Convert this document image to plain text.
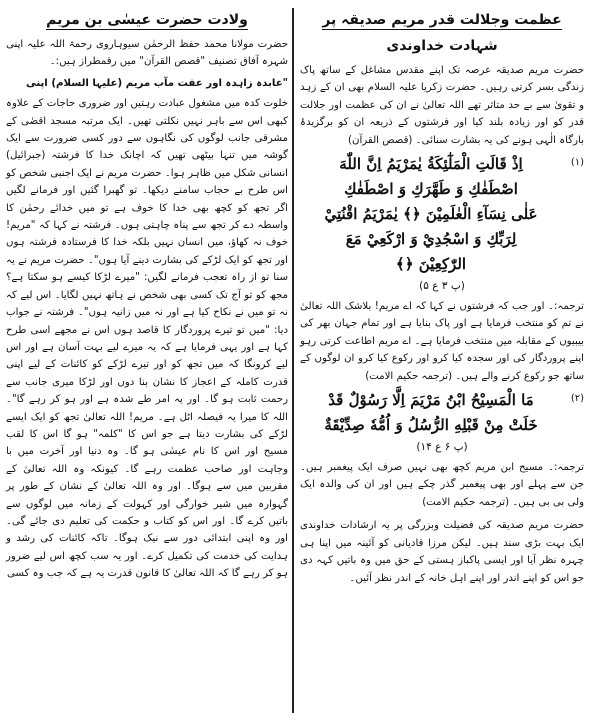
عظمت وجلالت قدر مریم صدیقہ پر
شہادت خداوندی

حضرت مریم صدیقہ عرصہ تک اپنے مقدس مشاغل کے ساتھ پاک زندگی بسر کرتی رہیں۔ حضرت زکریا علیہ السلام بھی ان کے زہد و تقویٰ سے بے حد متاثر تھے اللہ تعالیٰ نے ان کی عظمت اور جلالت قدر کو اور زیادہ بلند کیا اور فرشتوں کے ذریعہ ان کو برگزیدۂ بارگاہ الٰہی ہونے کی یہ بشارت سنائی۔ (قصص القرآن)

(۱)
اِذْ قَالَتِ الْمَلٰٓئِكَةُ يٰمَرْيَمُ اِنَّ اللّٰهَ
اصْطَفٰكِ وَ طَهَّرَكِ وَ اصْطَفٰكِ
عَلٰى نِسَآءِ الْعٰلَمِيْنَ ﴿﴾ يٰمَرْيَمُ اقْنُتِيْ
لِرَبِّكِ وَ اسْجُدِيْ وَ ارْكَعِيْ مَعَ
الرّٰكِعِيْنَ ﴿﴾
(پ ۳ ع ۵)

ترجمہ:۔ اور جب کہ فرشتوں نے کہا کہ اے مریم! بلاشک اللہ تعالیٰ نے تم کو منتخب فرمایا ہے اور پاک بنایا ہے اور تمام جہان بھر کی بیبیوں کے مقابلہ میں منتخب فرمایا ہے۔ اے مریم اطاعت کرتی رہو اپنے پروردگار کی اور سجدہ کیا کرو اور رکوع کیا کرو ان لوگوں کے ساتھ جو رکوع کرنے والے ہیں۔ (ترجمہ حکیم الامت)

(۲)
مَا الْمَسِيْحُ ابْنُ مَرْيَمَ اِلَّا رَسُوْلٌ قَدْ
خَلَتْ مِنْ قَبْلِهِ الرُّسُلُ وَ اُمُّهٗ صِدِّيْقَةٌ
(پ ۶ ع ۱۴)

ترجمہ:۔ مسیح ابن مریم کچھ بھی نہیں صرف ایک پیغمبر ہیں۔ جن سے پہلے اور بھی پیغمبر گذر چکے ہیں اور ان کی والدہ ایک ولی بی بی ہیں۔ (ترجمہ حکیم الامت)

حضرت مریم صدیقہ کی فضیلت وبزرگی پر یہ ارشادات خداوندی ایک بہت بڑی سند ہیں۔ لیکن مرزا قادیانی کو آئینہ میں اپنا ہی چہرہ نظر آیا اور ایسی پاکباز ہستی کے حق میں وہ باتیں کہہ دی جو اس کو اپنے اندر اور اپنے اہل خانہ کے اندر نظر آئیں۔

ولادت حضرت عیسٰی بن مریم

حضرت مولانا محمد حفظ الرحمٰن سیوہاروی رحمۃ اللہ علیہ اپنی شہرہ آفاق تصنیف "قصص القرآن" میں رقمطراز ہیں:۔

"عابدہ زاہدہ اور عفت مآب مریم (علیہا السلام) اپنی

خلوت کدہ میں مشغول عبادت رہتیں اور ضروری حاجات کے علاوہ کبھی اس سے باہر نہیں نکلتی تھیں۔ ایک مرتبہ مسجد اقصٰی کے مشرقی جانب لوگوں کی نگاہوں سے دور کسی ضرورت سے ایک گوشہ میں تنہا بیٹھی تھیں کہ اچانک خدا کا فرشتہ (جبرائیل) انسانی شکل میں ظاہر ہوا۔ حضرت مریم نے ایک اجنبی شخص کو اس طرح بے حجاب سامنے دیکھا۔ تو گھبرا گئیں اور فرمانے لگیں اگر تجھ کو کچھ بھی خدا کا خوف ہے تو میں خدائے رحمٰن کا واسطہ دے کر تجھ سے پناہ چاہتی ہوں۔ فرشتہ نے کہا کہ "مریم! خوف نہ کھاؤ، میں انسان نہیں بلکہ خدا کا فرستادہ فرشتہ ہوں اور تجھ کو ایک لڑکے کی بشارت دینے آیا ہوں"۔ حضرت مریم نے یہ سنا تو از راہ تعجب فرمانے لگیں: "میرے لڑکا کیسے ہو سکتا ہے؟ مجھ کو تو آج تک کسی بھی شخص نے ہاتھ نہیں لگایا۔ اس لیے کہ نہ تو میں نے نکاح کیا ہے اور نہ میں زانیہ ہوں"۔ فرشتہ نے جواب دیا: "میں تو تیرے پروردگار کا قاصد ہوں اس نے مجھے اسی طرح کہا ہے اور یہی فرمایا ہے کہ یہ میرے لیے بہت آسان ہے اور اس لیے کرونگا کہ میں تجھ کو اور تیرے لڑکے کو کائنات کے لیے اپنی قدرت کاملہ کے اعجاز کا نشان بنا دوں اور لڑکا میری جانب سے رحمت ثابت ہو گا۔ اور یہ امر طے شدہ ہے اور ہو کر رہے گا"۔ اللہ کا میرا یہ فیصلہ اٹل ہے۔ مریم! اللہ تعالیٰ تجھ کو ایک ایسے لڑکے کی بشارت دیتا ہے جو اس کا "کلمہ" ہو گا اس کا لقب مسیح اور اس کا نام عیسٰی ہو گا۔ وہ دنیا اور آخرت میں با وجاہت اور صاحب عظمت رہے گا۔ کیونکہ وہ اللہ تعالیٰ کے مقربین میں سے ہوگا۔ اور وہ اللہ تعالیٰ کے نشان کے طور پر گہوارہ میں شیر خوارگی اور کہولت کے زمانہ میں لوگوں سے باتیں کرے گا۔ اور اس کو کتاب و حکمت کی تعلیم دی جائے گی۔ اور وہ اپنی ابتدائی دور سے نیک ہوگا۔ تاکہ کائنات کی رشد و ہدایت کی خدمت کی تکمیل کرے۔ اور یہ سب کچھ اس لیے ضرور ہو کر رہے گا کہ اللہ تعالیٰ کا قانون قدرت یہ ہے کہ جب وہ کسی
